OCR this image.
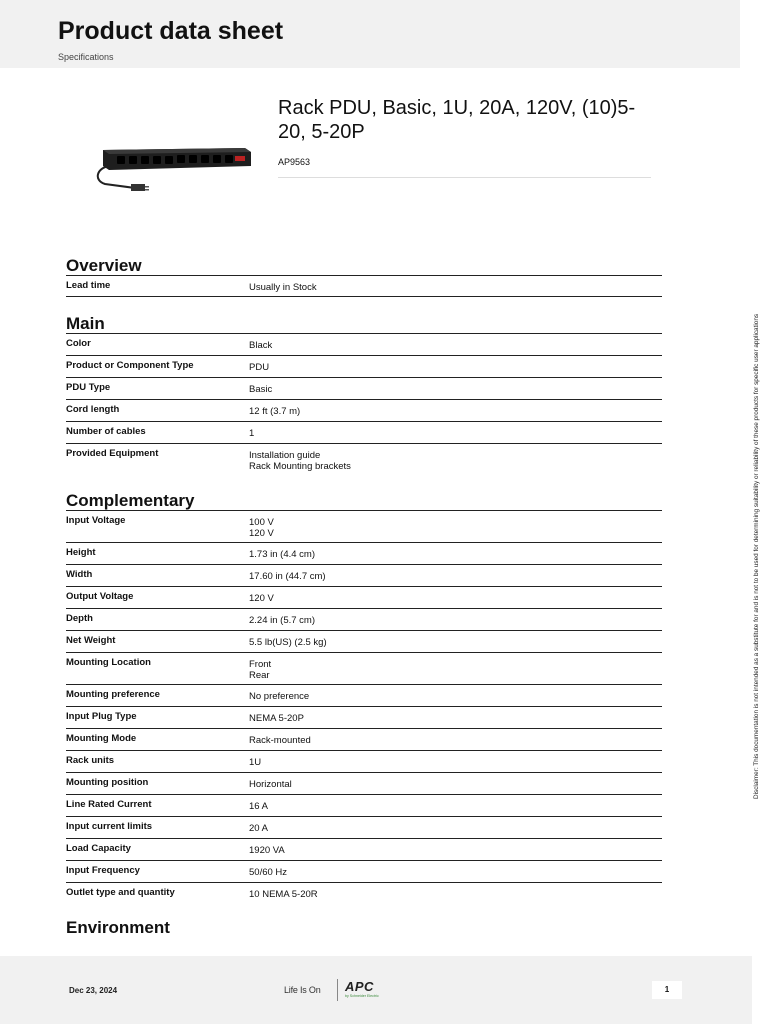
Product data sheet
Specifications
Rack PDU, Basic, 1U, 20A, 120V, (10)5-20, 5-20P
AP9563
Overview
Lead time	Usually in Stock
Main
Color	Black
Product or Component Type	PDU
PDU Type	Basic
Cord length	12 ft (3.7 m)
Number of cables	1
Provided Equipment	Installation guide
Rack Mounting brackets
Complementary
Input Voltage	100 V
120 V
Height	1.73 in (4.4 cm)
Width	17.60 in (44.7 cm)
Output Voltage	120 V
Depth	2.24 in (5.7 cm)
Net Weight	5.5 lb(US) (2.5 kg)
Mounting Location	Front
Rear
Mounting preference	No preference
Input Plug Type	NEMA 5-20P
Mounting Mode	Rack-mounted
Rack units	1U
Mounting position	Horizontal
Line Rated Current	16 A
Input current limits	20 A
Load Capacity	1920 VA
Input Frequency	50/60 Hz
Outlet type and quantity	10 NEMA 5-20R
Environment
Disclaimer: This documentation is not intended as a substitute for and is not to be used for determining suitability or reliability of these products for specific user applications
Dec 23, 2024	Life Is On APC
by Schneider Electric
1
